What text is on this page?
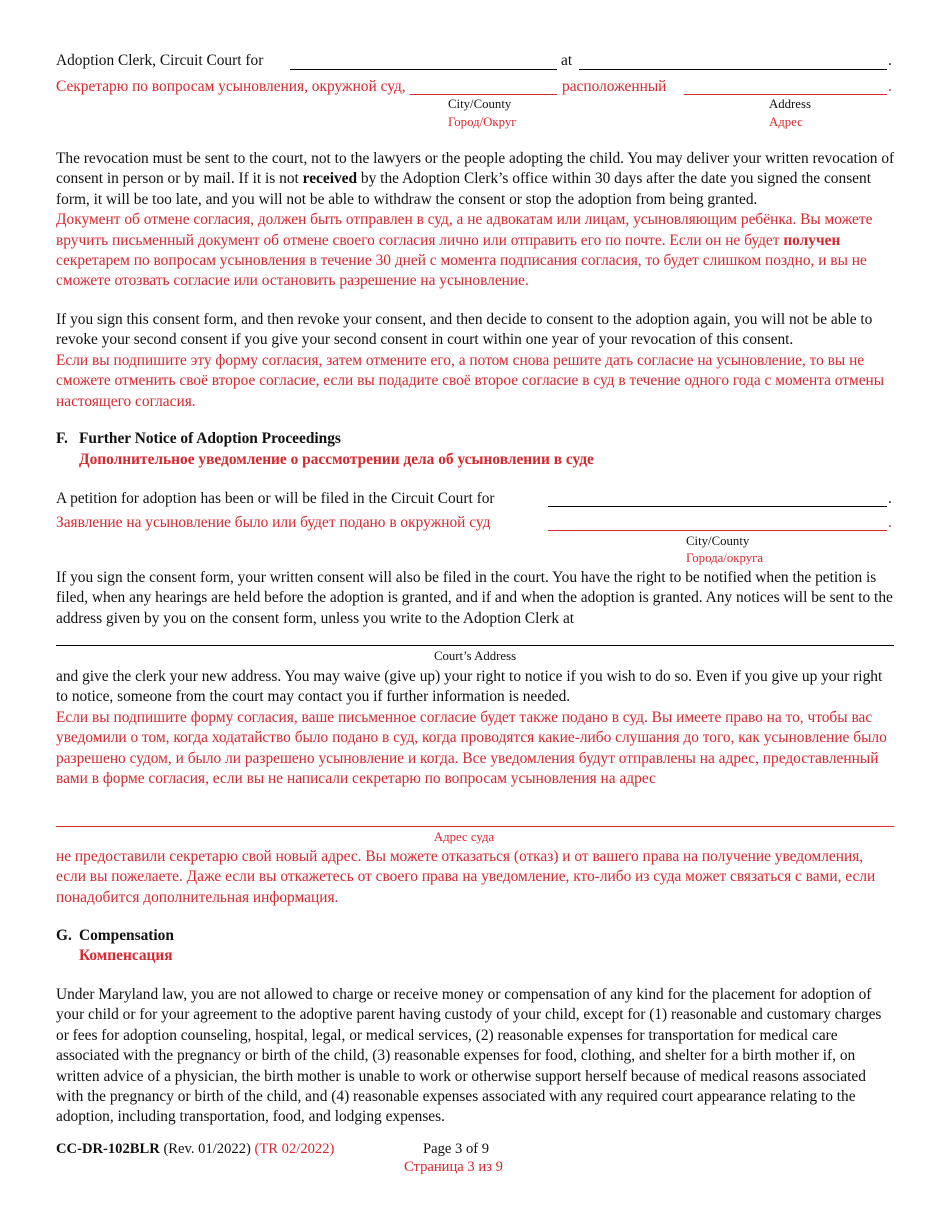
Adoption Clerk, Circuit Court for	at	.
Секретарю по вопросам усыновления, окружной суд,	расположенный	.
City/County
Город/Округ
Address
Адрес

The revocation must be sent to the court, not to the lawyers or the people adopting the child. You may deliver your written revocation of consent in person or by mail. If it is not received by the Adoption Clerk’s office within 30 days after the date you signed the consent form, it will be too late, and you will not be able to withdraw the consent or stop the adoption from being granted.

Документ об отмене согласия, должен быть отправлен в суд, а не адвокатам или лицам, усыновляющим ребёнка. Вы можете вручить письменный документ об отмене своего согласия лично или отправить его по почте. Если он не будет получен секретарем по вопросам усыновления в течение 30 дней с момента подписания согласия, то будет слишком поздно, и вы не сможете отозвать согласие или остановить разрешение на усыновление.

If you sign this consent form, and then revoke your consent, and then decide to consent to the adoption again, you will not be able to revoke your second consent if you give your second consent in court within one year of your revocation of this consent.

Если вы подпишите эту форму согласия, затем отмените его, а потом снова решите дать согласие на усыновление, то вы не сможете отменить своё второе согласие, если вы подадите своё второе согласие в суд в течение одного года с момента отмены настоящего согласия.

F. Further Notice of Adoption Proceedings
Дополнительное уведомление о рассмотрении дела об усыновлении в суде
A petition for adoption has been or will be filed in the Circuit Court for	.
Заявление на усыновление было или будет подано в окружной суд	.
City/County
Города/округа

If you sign the consent form, your written consent will also be filed in the court. You have the right to be notified when the petition is filed, when any hearings are held before the adoption is granted, and if and when the adoption is granted. Any notices will be sent to the address given by you on the consent form, unless you write to the Adoption Clerk at

Court’s Address

and give the clerk your new address. You may waive (give up) your right to notice if you wish to do so. Even if you give up your right to notice, someone from the court may contact you if further information is needed.

Если вы подпишите форму согласия, ваше письменное согласие будет также подано в суд. Вы имеете право на то, чтобы вас уведомили о том, когда ходатайство было подано в суд, когда проводятся какие-либо слушания до того, как усыновление было разрешено судом, и было ли разрешено усыновление и когда. Все уведомления будут отправлены на адрес, предоставленный вами в форме согласия, если вы не написали секретарю по вопросам усыновления на адрес

Адрес суда

не предоставили секретарю свой новый адрес. Вы можете отказаться (отказ) и от вашего права на получение уведомления, если вы пожелаете. Даже если вы откажетесь от своего права на уведомление, кто-либо из суда может связаться с вами, если понадобится дополнительная информация.

G. Compensation
Компенсация

Under Maryland law, you are not allowed to charge or receive money or compensation of any kind for the placement for adoption of your child or for your agreement to the adoptive parent having custody of your child, except for (1) reasonable and customary charges or fees for adoption counseling, hospital, legal, or medical services, (2) reasonable expenses for transportation for medical care associated with the pregnancy or birth of the child, (3) reasonable expenses for food, clothing, and shelter for a birth mother if, on written advice of a physician, the birth mother is unable to work or otherwise support herself because of medical reasons associated with the pregnancy or birth of the child, and (4) reasonable expenses associated with any required court appearance relating to the adoption, including transportation, food, and lodging expenses.

CC-DR-102BLR (Rev. 01/2022) (TR 02/2022)	Page 3 of 9
Страница 3 из 9
